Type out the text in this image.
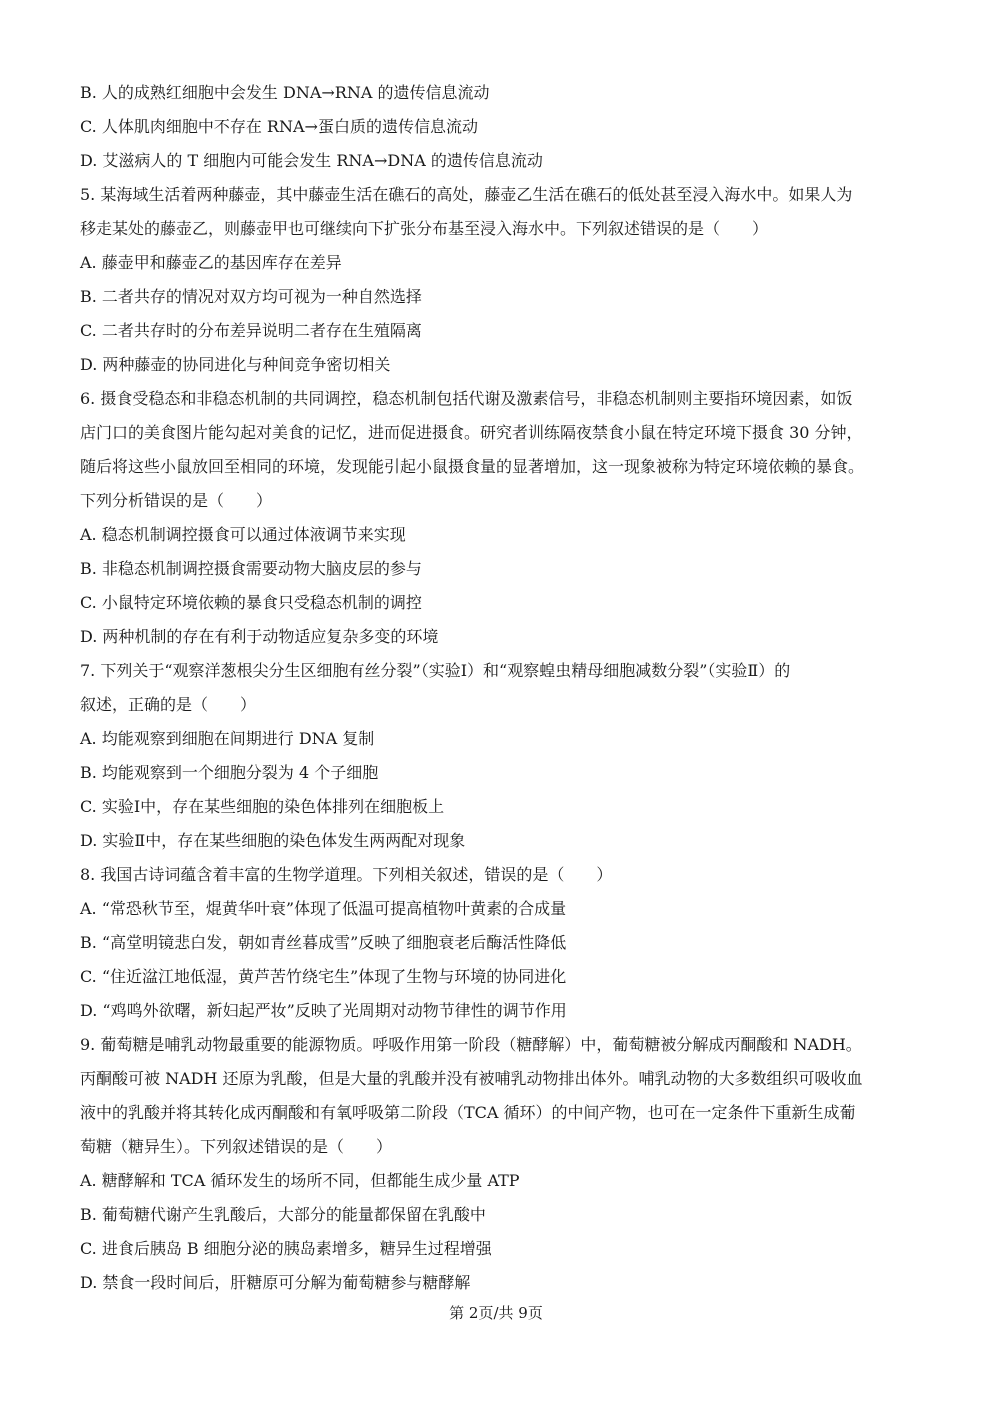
B. 人的成熟红细胞中会发生 DNA→RNA 的遗传信息流动
C. 人体肌肉细胞中不存在 RNA→蛋白质的遗传信息流动
D. 艾滋病人的 T 细胞内可能会发生 RNA→DNA 的遗传信息流动
5. 某海域生活着两种藤壶，其中藤壶生活在礁石的高处，藤壶乙生活在礁石的低处甚至浸入海水中。如果人为
移走某处的藤壶乙，则藤壶甲也可继续向下扩张分布基至浸入海水中。下列叙述错误的是（　　）
A. 藤壶甲和藤壶乙的基因库存在差异
B. 二者共存的情况对双方均可视为一种自然选择
C. 二者共存时的分布差异说明二者存在生殖隔离
D. 两种藤壶的协同进化与种间竞争密切相关
6. 摄食受稳态和非稳态机制的共同调控，稳态机制包括代谢及激素信号，非稳态机制则主要指环境因素，如饭
店门口的美食图片能勾起对美食的记忆，进而促进摄食。研究者训练隔夜禁食小鼠在特定环境下摄食 30 分钟，
随后将这些小鼠放回至相同的环境，发现能引起小鼠摄食量的显著增加，这一现象被称为特定环境依赖的暴食。
下列分析错误的是（　　）
A. 稳态机制调控摄食可以通过体液调节来实现
B. 非稳态机制调控摄食需要动物大脑皮层的参与
C. 小鼠特定环境依赖的暴食只受稳态机制的调控
D. 两种机制的存在有利于动物适应复杂多变的环境
7. 下列关于“观察洋葱根尖分生区细胞有丝分裂”（实验Ⅰ）和“观察蝗虫精母细胞减数分裂”（实验Ⅱ）的
叙述，正确的是（　　）
A. 均能观察到细胞在间期进行 DNA 复制
B. 均能观察到一个细胞分裂为 4 个子细胞
C. 实验Ⅰ中，存在某些细胞的染色体排列在细胞板上
D. 实验Ⅱ中，存在某些细胞的染色体发生两两配对现象
8. 我国古诗词蕴含着丰富的生物学道理。下列相关叙述，错误的是（　　）
A. “常恐秋节至，焜黄华叶衰”体现了低温可提高植物叶黄素的合成量
B. “高堂明镜悲白发，朝如青丝暮成雪”反映了细胞衰老后酶活性降低
C. “住近湓江地低湿，黄芦苦竹绕宅生”体现了生物与环境的协同进化
D. “鸡鸣外欲曙，新妇起严妆”反映了光周期对动物节律性的调节作用
9. 葡萄糖是哺乳动物最重要的能源物质。呼吸作用第一阶段（糖酵解）中，葡萄糖被分解成丙酮酸和 NADH。
丙酮酸可被 NADH 还原为乳酸，但是大量的乳酸并没有被哺乳动物排出体外。哺乳动物的大多数组织可吸收血
液中的乳酸并将其转化成丙酮酸和有氧呼吸第二阶段（TCA 循环）的中间产物，也可在一定条件下重新生成葡
萄糖（糖异生）。下列叙述错误的是（　　）
A. 糖酵解和 TCA 循环发生的场所不同，但都能生成少量 ATP
B. 葡萄糖代谢产生乳酸后，大部分的能量都保留在乳酸中
C. 进食后胰岛 B 细胞分泌的胰岛素增多，糖异生过程增强
D. 禁食一段时间后，肝糖原可分解为葡萄糖参与糖酵解
第 2页/共 9页
